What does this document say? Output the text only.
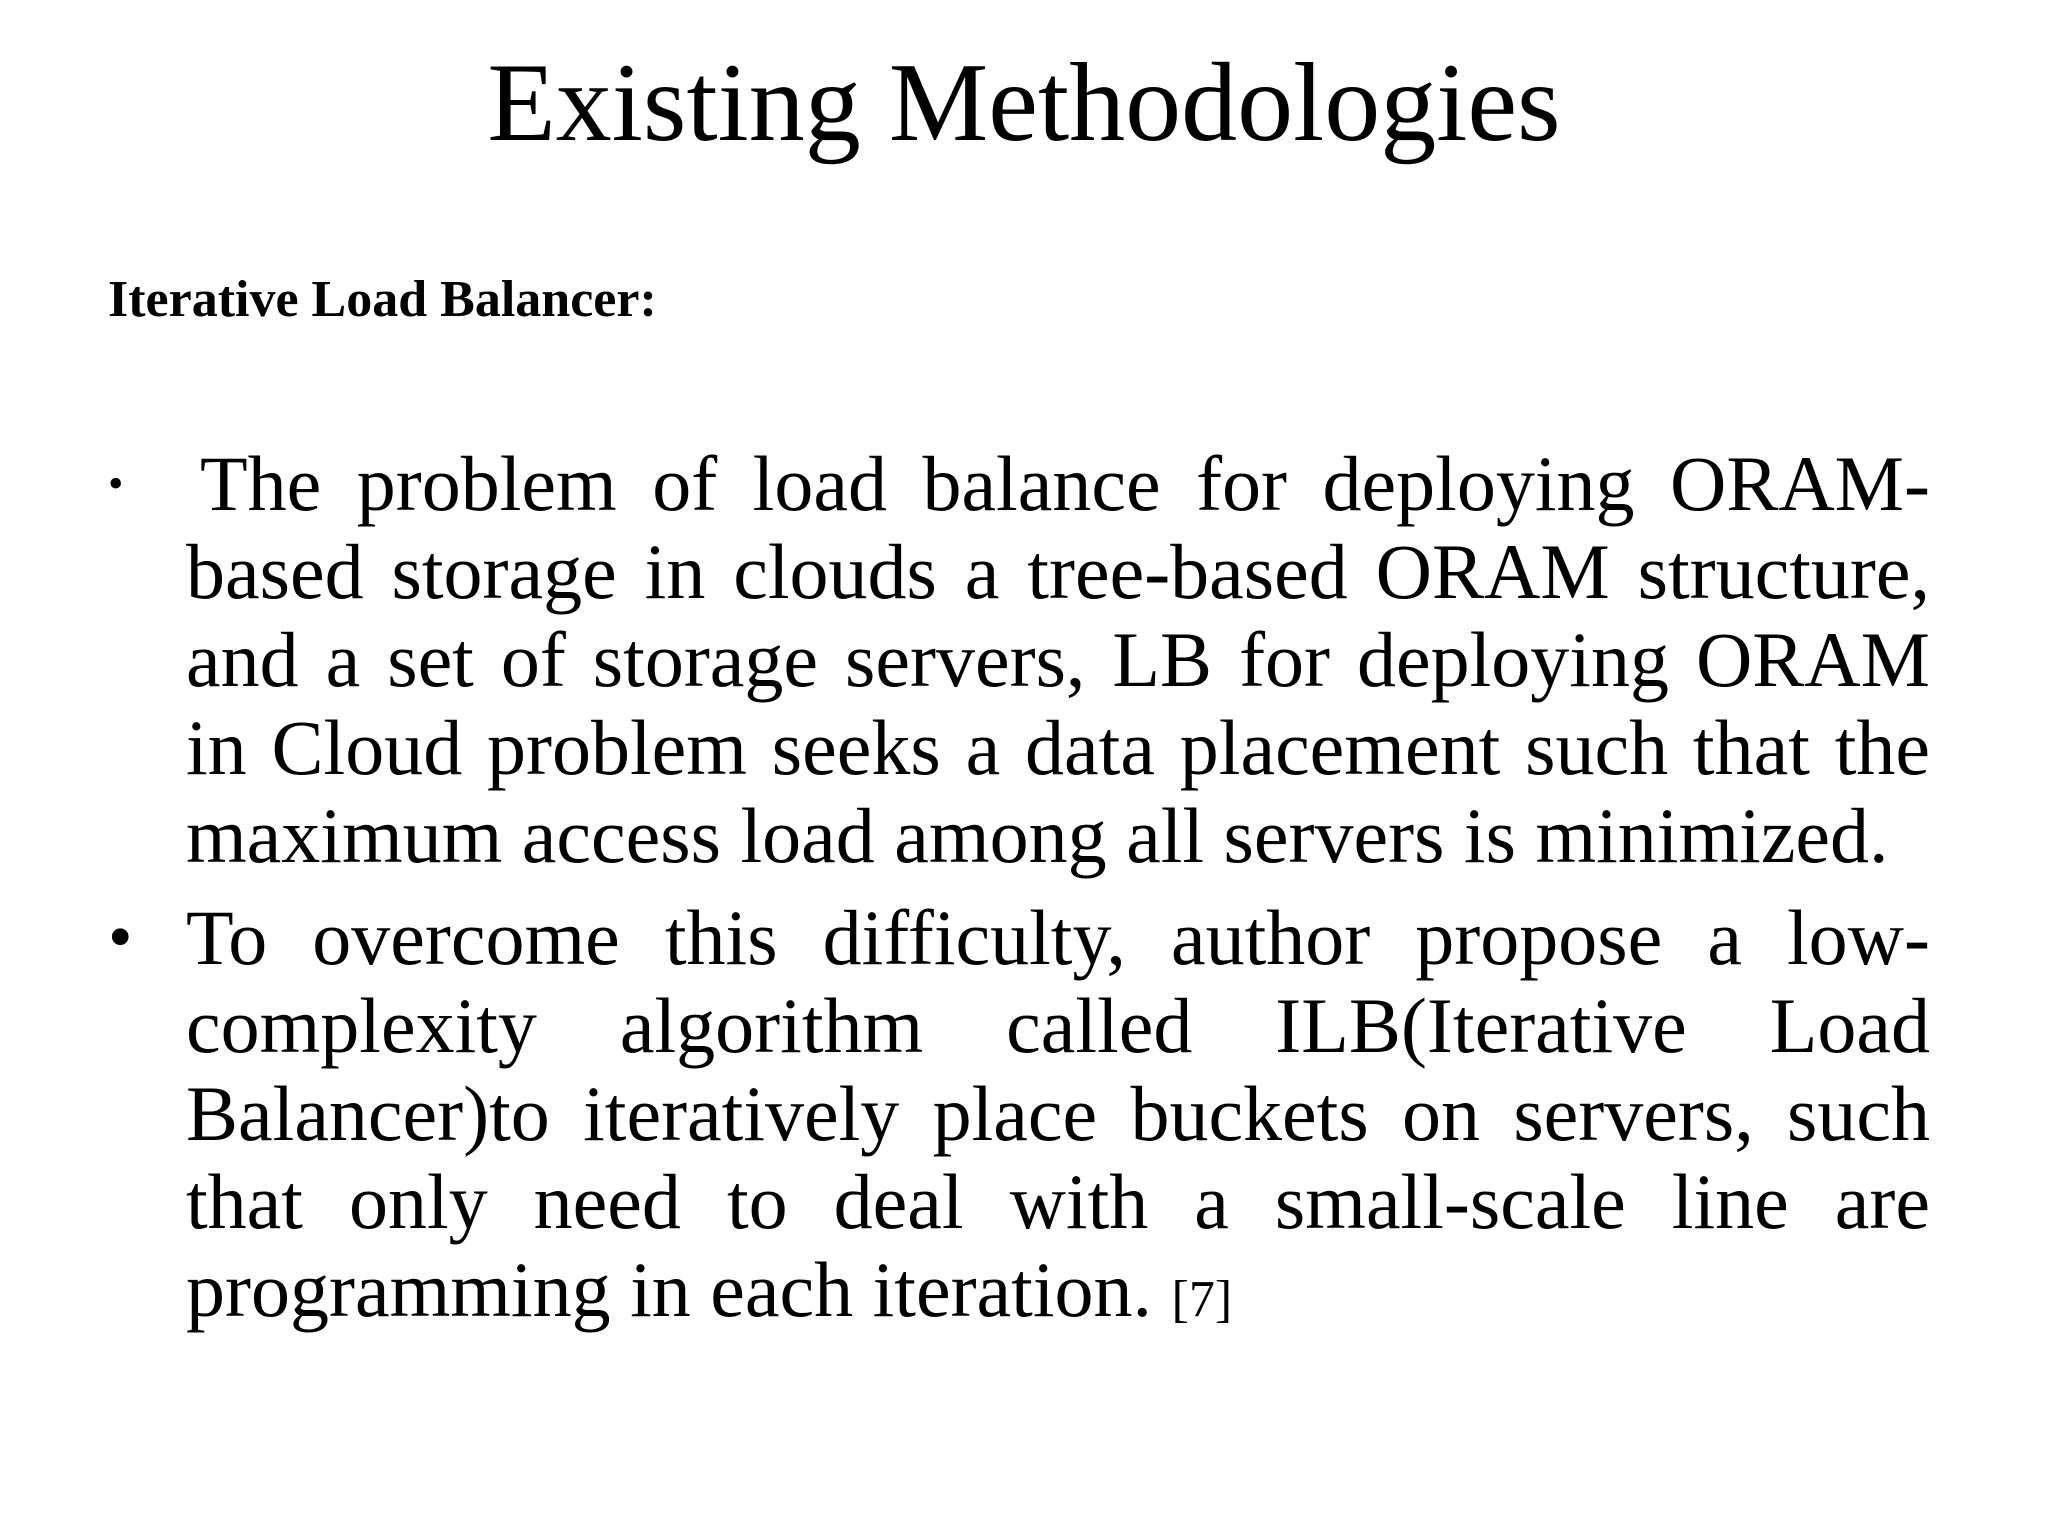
Existing Methodologies
Iterative Load Balancer:
• The problem of load balance for deploying ORAM-based storage in clouds a tree-based ORAM structure, and a set of storage servers, LB for deploying ORAM in Cloud problem seeks a data placement such that the maximum access load among all servers is minimized.
• To overcome this difficulty, author propose a low-complexity algorithm called ILB(Iterative Load Balancer)to iteratively place buckets on servers, such that only need to deal with a small-scale line are programming in each iteration. [7]
